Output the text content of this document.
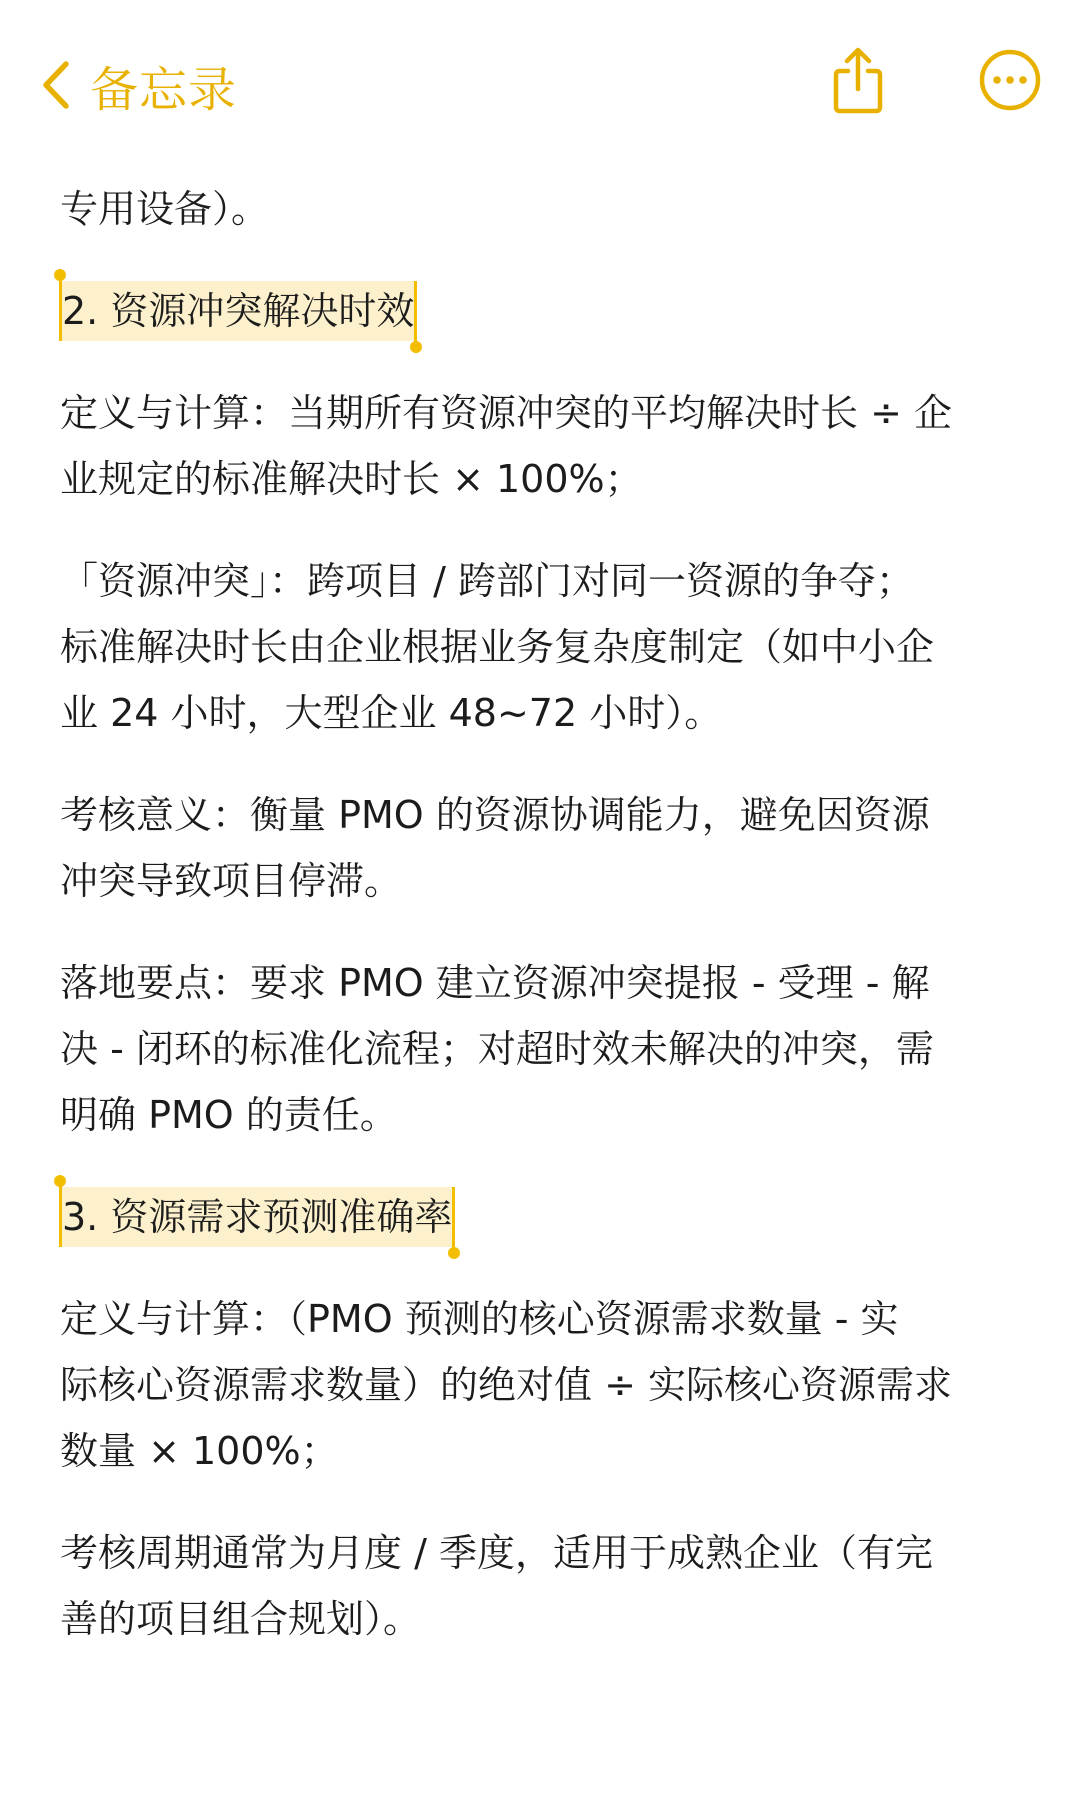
备忘录

专用设备）。

2. 资源冲突解决时效

定义与计算：当期所有资源冲突的平均解决时长 ÷ 企
业规定的标准解决时长 × 100%；

「资源冲突」：跨项目 / 跨部门对同一资源的争夺；
标准解决时长由企业根据业务复杂度制定（如中小企
业 24 小时，大型企业 48~72 小时）。

考核意义：衡量 PMO 的资源协调能力，避免因资源
冲突导致项目停滞。

落地要点：要求 PMO 建立资源冲突提报 - 受理 - 解
决 - 闭环的标准化流程；对超时效未解决的冲突，需
明确 PMO 的责任。

3. 资源需求预测准确率

定义与计算：（PMO 预测的核心资源需求数量 - 实
际核心资源需求数量）的绝对值 ÷ 实际核心资源需求
数量 × 100%；

考核周期通常为月度 / 季度，适用于成熟企业（有完
善的项目组合规划）。
